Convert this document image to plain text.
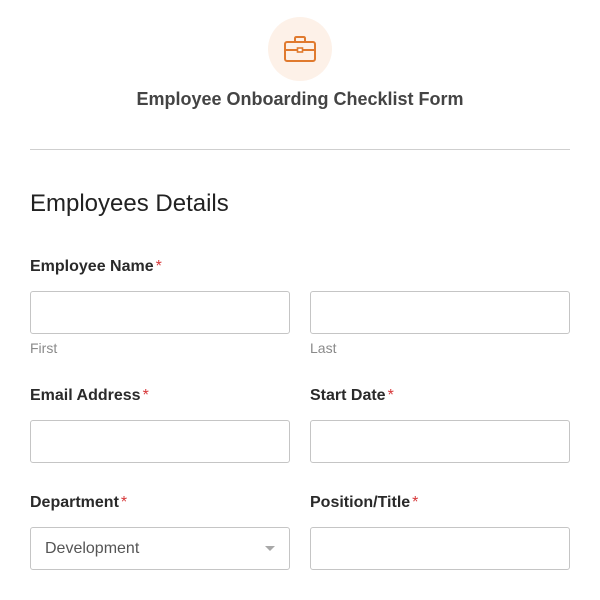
Employee Onboarding Checklist Form
Employees Details
Employee Name *
First	Last
Email Address *	Start Date *
Department *
Development
Position/Title *
